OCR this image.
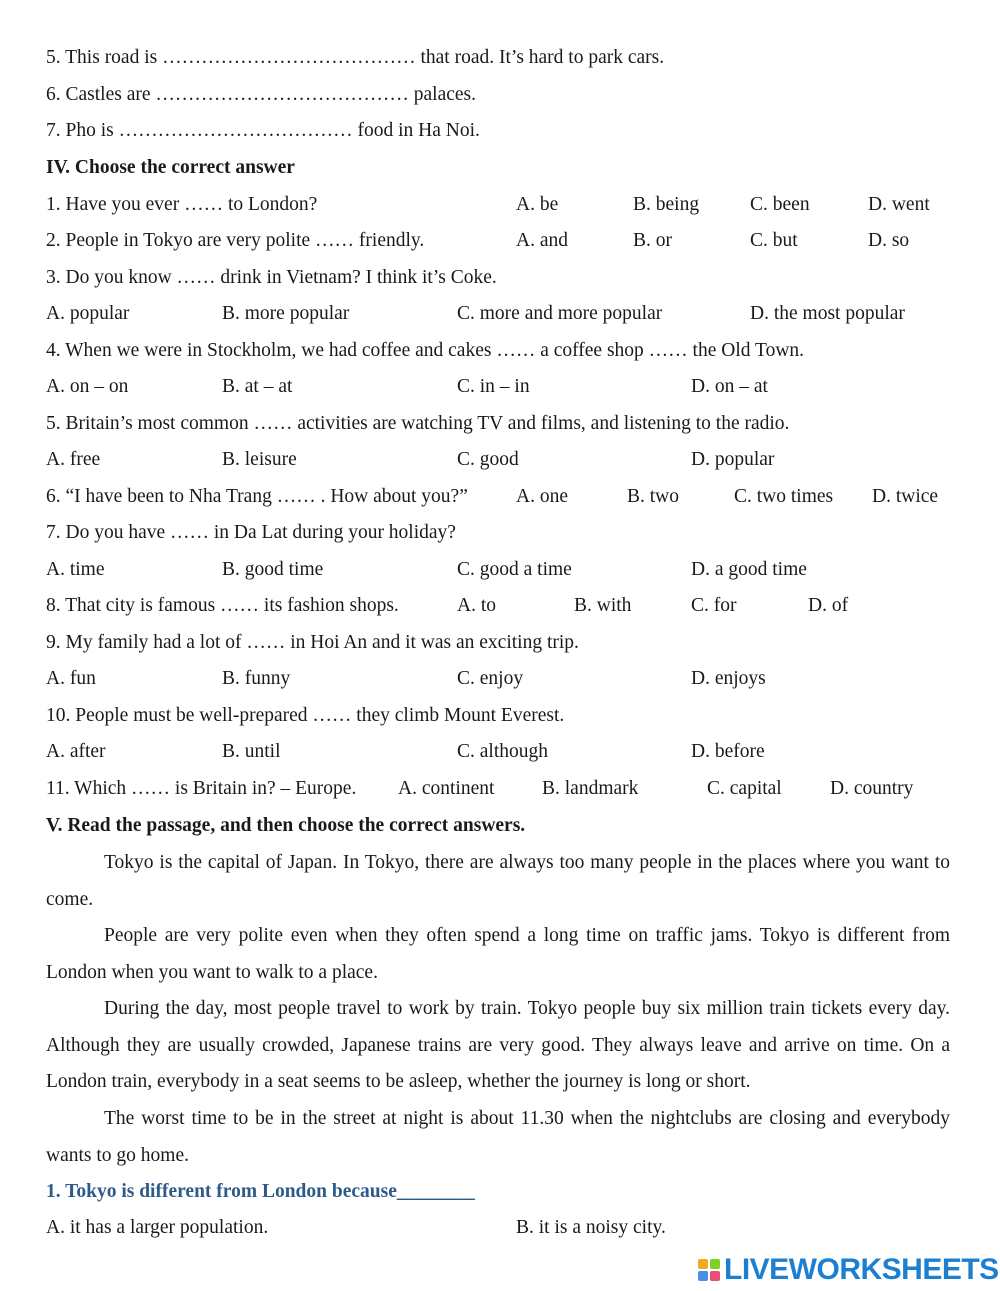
5. This road is ………………………………… that road. It’s hard to park cars.
6. Castles are ………………………………… palaces.
7. Pho is ……………………………… food in Ha Noi.
IV. Choose the correct answer
1. Have you ever …… to London?	A. be	B. being	C. been	D. went
2. People in Tokyo are very polite …… friendly.	A. and	B. or	C. but	D. so
3. Do you know …… drink in Vietnam? I think it’s Coke.
A. popular	B. more popular	C. more and more popular	D. the most popular
4. When we were in Stockholm, we had coffee and cakes …… a coffee shop …… the Old Town.
A. on – on	B. at – at	C. in – in	D. on – at
5. Britain’s most common …… activities are watching TV and films, and listening to the radio.
A. free	B. leisure	C. good	D. popular
6. “I have been to Nha Trang …… . How about you?” A. one	B. two	C. two times D. twice
7. Do you have …… in Da Lat during your holiday?
A. time	B. good time	C. good a time	D. a good time
8. That city is famous …… its fashion shops.	A. to	B. with	C. for	D. of
9. My family had a lot of …… in Hoi An and it was an exciting trip.
A. fun	B. funny	C. enjoy	D. enjoys
10. People must be well-prepared …… they climb Mount Everest.
A. after	B. until	C. although	D. before
11. Which …… is Britain in? – Europe. A. continent B. landmark	C. capital D. country
V. Read the passage, and then choose the correct answers.
Tokyo is the capital of Japan. In Tokyo, there are always too many people in the places where you want to come.
People are very polite even when they often spend a long time on traffic jams. Tokyo is different from London when you want to walk to a place.
During the day, most people travel to work by train. Tokyo people buy six million train tickets every day. Although they are usually crowded, Japanese trains are very good. They always leave and arrive on time. On a London train, everybody in a seat seems to be asleep, whether the journey is long or short.
The worst time to be in the street at night is about 11.30 when the nightclubs are closing and everybody wants to go home.
1. Tokyo is different from London because________
A. it has a larger population.	B. it is a noisy city.
LIVEWORKSHEETS
